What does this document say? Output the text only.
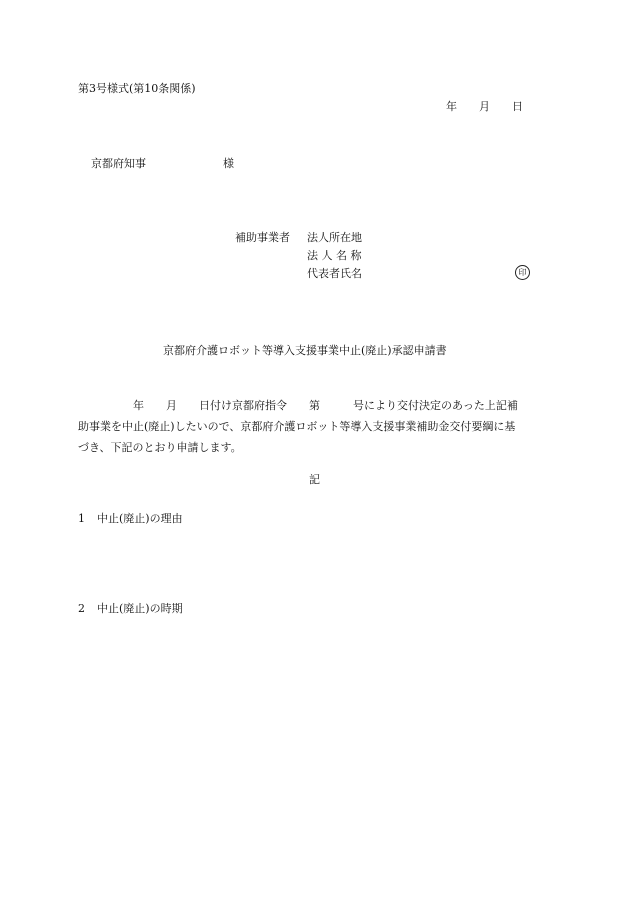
第3号様式(第10条関係)
年　　月　　日
京都府知事　　　　　　　様
補助事業者 法人所在地
法 人 名 称
代表者氏名	印
京都府介護ロボット等導入支援事業中止(廃止)承認申請書
　　　　　年　　月　　日付け京都府指令　　第　　　号により交付決定のあった上記補
助事業を中止(廃止)したいので、京都府介護ロボット等導入支援事業補助金交付要綱に基
づき、下記のとおり申請します。
記
1 中止(廃止)の理由
2 中止(廃止)の時期
